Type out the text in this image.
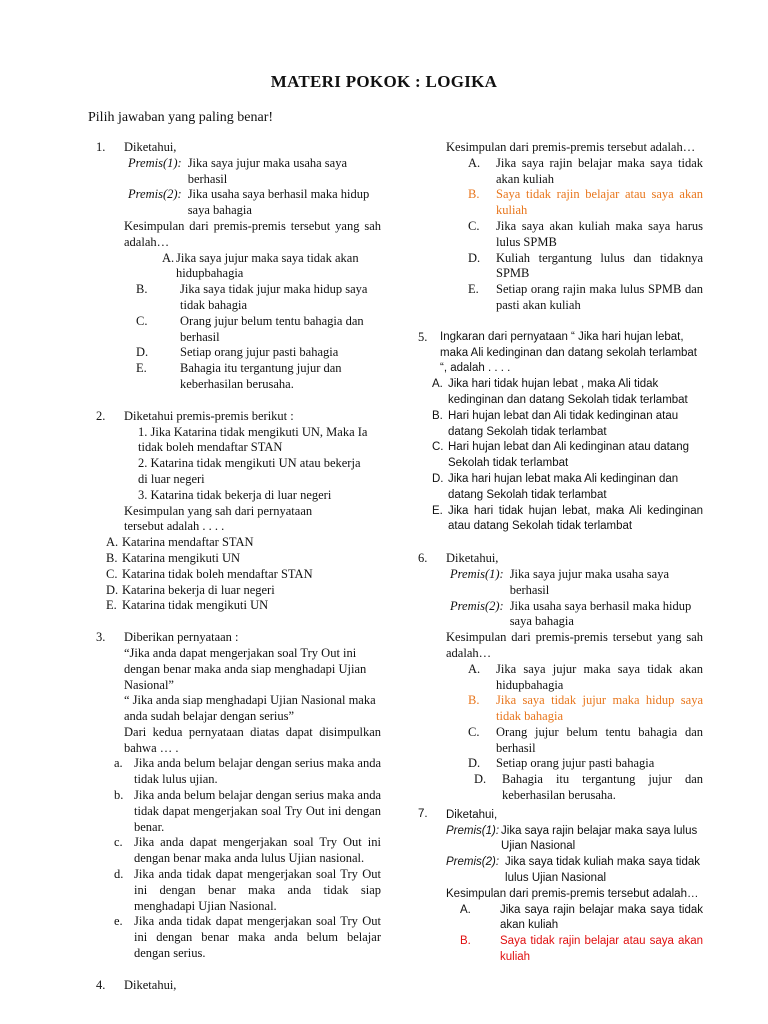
MATERI POKOK : LOGIKA
Pilih jawaban yang paling benar!
1. Diketahui,

Premis(1): Jika saya jujur maka usaha saya berhasil
Premis(2): Jika usaha saya berhasil maka hidup saya bahagia

Kesimpulan dari premis-premis tersebut yang sah adalah…

A. Jika saya jujur maka saya tidak akan hidupbahagia
B.	Jika saya tidak jujur maka hidup saya tidak bahagia
C.	Orang jujur belum tentu bahagia dan berhasil
D.	Setiap orang jujur pasti bahagia
E.	Bahagia itu tergantung jujur dan keberhasilan berusaha.
2. Diketahui premis-premis berikut :

1. Jika Katarina tidak mengikuti UN, Maka Ia tidak boleh mendaftar STAN

2. Katarina tidak mengikuti UN atau bekerja di luar negeri

3. Katarina tidak bekerja di luar negeri

Kesimpulan yang sah dari pernyataan tersebut adalah . . . .

A. Katarina mendaftar STAN
B. Katarina mengikuti UN
C. Katarina tidak boleh mendaftar STAN
D. Katarina bekerja di luar negeri
E. Katarina tidak mengikuti UN
3. Diberikan pernyataan :

“Jika anda dapat mengerjakan soal Try Out ini dengan benar maka anda siap menghadapi Ujian Nasional”

“ Jika anda siap menghadapi Ujian Nasional maka anda sudah belajar dengan serius”

Dari kedua pernyataan diatas dapat disimpulkan bahwa … .

a. Jika anda belum belajar dengan serius maka anda tidak lulus ujian.
b. Jika anda belum belajar dengan serius maka anda tidak dapat mengerjakan soal Try Out ini dengan benar.
c. Jika anda dapat mengerjakan soal Try Out ini dengan benar maka anda lulus Ujian nasional.
d. Jika anda tidak dapat mengerjakan soal Try Out ini dengan benar maka anda tidak siap menghadapi Ujian Nasional.
e. Jika anda tidak dapat mengerjakan soal Try Out ini dengan benar maka anda belum belajar dengan serius.
4. Diketahui,

Kesimpulan dari premis-premis tersebut adalah…

A.	Jika saya rajin belajar maka saya tidak akan kuliah
B.	Saya tidak rajin belajar atau saya akan kuliah
C.	Jika saya akan kuliah maka saya harus lulus SPMB
D.	Kuliah tergantung lulus dan tidaknya SPMB
E.	Setiap orang rajin maka lulus SPMB dan pasti akan kuliah
5. Ingkaran dari pernyataan “ Jika hari hujan lebat, maka Ali kedinginan dan datang sekolah terlambat “, adalah . . . .

A. Jika hari tidak hujan lebat , maka Ali tidak kedinginan dan datang Sekolah tidak terlambat
B. Hari hujan lebat dan Ali tidak kedinginan atau datang Sekolah tidak terlambat
C. Hari hujan lebat dan Ali kedinginan atau datang Sekolah tidak terlambat
D. Jika hari hujan lebat maka Ali kedinginan dan datang Sekolah tidak terlambat
E. Jika hari tidak hujan lebat, maka Ali kedinginan atau datang Sekolah tidak terlambat
6. Diketahui,

Premis(1): Jika saya jujur maka usaha saya berhasil
Premis(2): Jika usaha saya berhasil maka hidup saya bahagia

Kesimpulan dari premis-premis tersebut yang sah adalah…

A.	Jika saya jujur maka saya tidak akan hidupbahagia
B.	Jika saya tidak jujur maka hidup saya tidak bahagia
C.	Orang jujur belum tentu bahagia dan berhasil
D.	Setiap orang jujur pasti bahagia
D.	Bahagia itu tergantung jujur dan keberhasilan berusaha.
7. Diketahui,

Premis(1): Jika saya rajin belajar maka saya lulus Ujian Nasional
Premis(2): Jika saya tidak kuliah maka saya tidak lulus Ujian Nasional

Kesimpulan dari premis-premis tersebut adalah…

A.	Jika saya rajin belajar maka saya tidak akan kuliah
B.	Saya tidak rajin belajar atau saya akan kuliah
